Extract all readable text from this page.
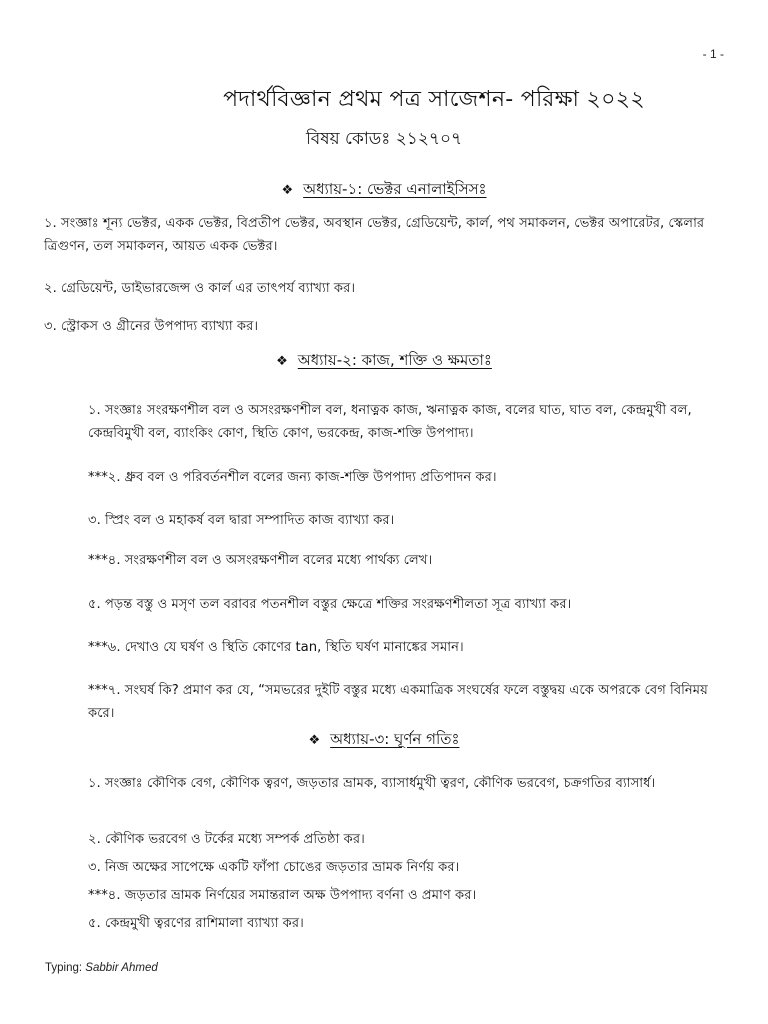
- 1 -
পদার্থবিজ্ঞান প্রথম পত্র সাজেশন- পরিক্ষা ২০২২
বিষয় কোডঃ ২১২৭০৭
❖ অধ্যায়-১: ভেক্টর এনালাইসিসঃ
১. সংজ্ঞাঃ শূন্য ভেক্টর, একক ভেক্টর, বিপ্রতীপ ভেক্টর, অবস্থান ভেক্টর, গ্রেডিয়েন্ট, কার্ল, পথ সমাকলন, ভেক্টর অপারেটর, স্কেলার ত্রিগুণন, তল সমাকলন, আয়ত একক ভেক্টর।
২. গ্রেডিয়েন্ট, ডাইভারজেন্স ও কার্ল এর তাৎপর্য ব্যাখ্যা কর।
৩. স্ট্রোকস ও গ্রীনের উপপাদ্য ব্যাখ্যা কর।
❖ অধ্যায়-২: কাজ, শক্তি ও ক্ষমতাঃ
১. সংজ্ঞাঃ সংরক্ষণশীল বল ও অসংরক্ষণশীল বল, ধনাত্নক কাজ, ঋনাত্নক কাজ, বলের ঘাত, ঘাত বল, কেন্দ্রমুখী বল, কেন্দ্রবিমুখী বল, ব্যাংকিং কোণ, স্থিতি কোণ, ভরকেন্দ্র, কাজ-শক্তি উপপাদ্য।
***২. ধ্রুব বল ও পরিবর্তনশীল বলের জন্য কাজ-শক্তি উপপাদ্য প্রতিপাদন কর।
৩. স্প্রিং বল ও মহাকর্ষ বল দ্বারা সম্পাদিত কাজ ব্যাখ্যা কর।
***৪. সংরক্ষণশীল বল ও অসংরক্ষণশীল বলের মধ্যে পার্থক্য লেখ।
৫. পড়ন্ত বস্তু ও মসৃণ তল বরাবর পতনশীল বস্তুর ক্ষেত্রে শক্তির সংরক্ষণশীলতা সূত্র ব্যাখ্যা কর।
***৬. দেখাও যে ঘর্ষণ ও স্থিতি কোণের tan, স্থিতি ঘর্ষণ মানাঙ্কের সমান।
***৭. সংঘর্ষ কি? প্রমাণ কর যে, “সমভরের দুইটি বস্তুর মধ্যে একমাত্রিক সংঘর্ষের ফলে বস্তুদ্বয় একে অপরকে বেগ বিনিময় করে।
❖ অধ্যায়-৩: ঘূর্ণন গতিঃ
১. সংজ্ঞাঃ কৌণিক বেগ, কৌণিক ত্বরণ, জড়তার ভ্রামক, ব্যাসার্ধমুখী ত্বরণ, কৌণিক ভরবেগ, চক্রগতির ব্যাসার্ধ।
২. কৌণিক ভরবেগ ও টর্কের মধ্যে সম্পর্ক প্রতিষ্ঠা কর।
৩. নিজ অক্ষের সাপেক্ষে একটি ফাঁপা চোঙের জড়তার ভ্রামক নির্ণয় কর।
***৪. জড়তার ভ্রামক নির্ণয়ের সমান্তরাল অক্ষ উপপাদ্য বর্ণনা ও প্রমাণ কর।
৫. কেন্দ্রমুখী ত্বরণের রাশিমালা ব্যাখ্যা কর।
Typing: Sabbir Ahmed
